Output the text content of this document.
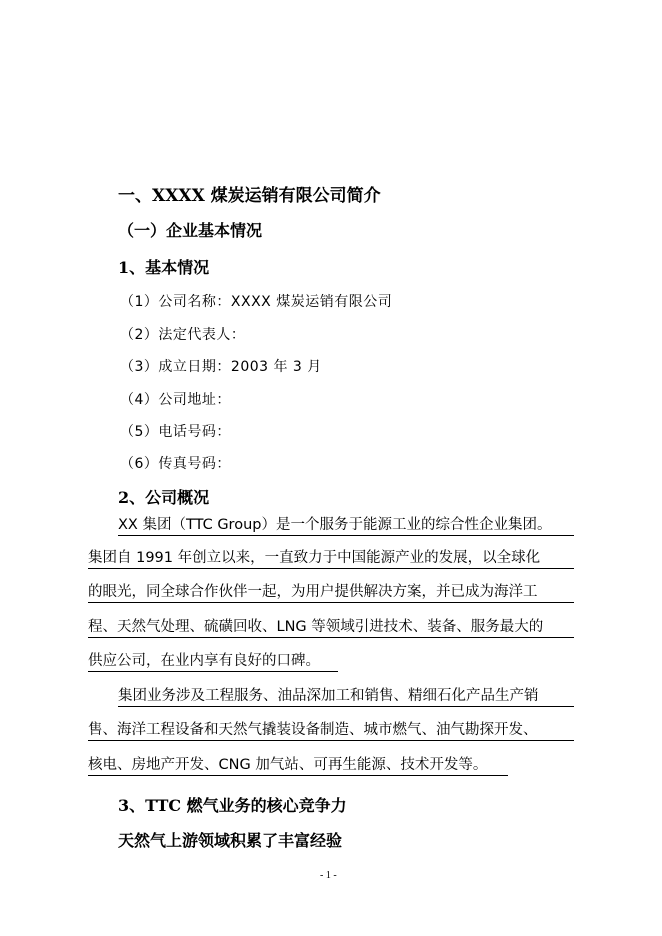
一、XXXX 煤炭运销有限公司简介
（一）企业基本情况
1、基本情况
（1）公司名称：XXXX 煤炭运销有限公司
（2）法定代表人：
（3）成立日期：2003 年 3 月
（4）公司地址：
（5）电话号码：
（6）传真号码：
2、公司概况
XX 集团（TTC Group）是一个服务于能源工业的综合性企业集团。
集团自 1991 年创立以来，一直致力于中国能源产业的发展，以全球化
的眼光，同全球合作伙伴一起，为用户提供解决方案，并已成为海洋工
程、天然气处理、硫磺回收、LNG 等领域引进技术、装备、服务最大的
供应公司，在业内享有良好的口碑。
集团业务涉及工程服务、油品深加工和销售、精细石化产品生产销
售、海洋工程设备和天然气撬装设备制造、城市燃气、油气勘探开发、
核电、房地产开发、CNG 加气站、可再生能源、技术开发等。
3、TTC 燃气业务的核心竞争力
天然气上游领域积累了丰富经验
- 1 -
